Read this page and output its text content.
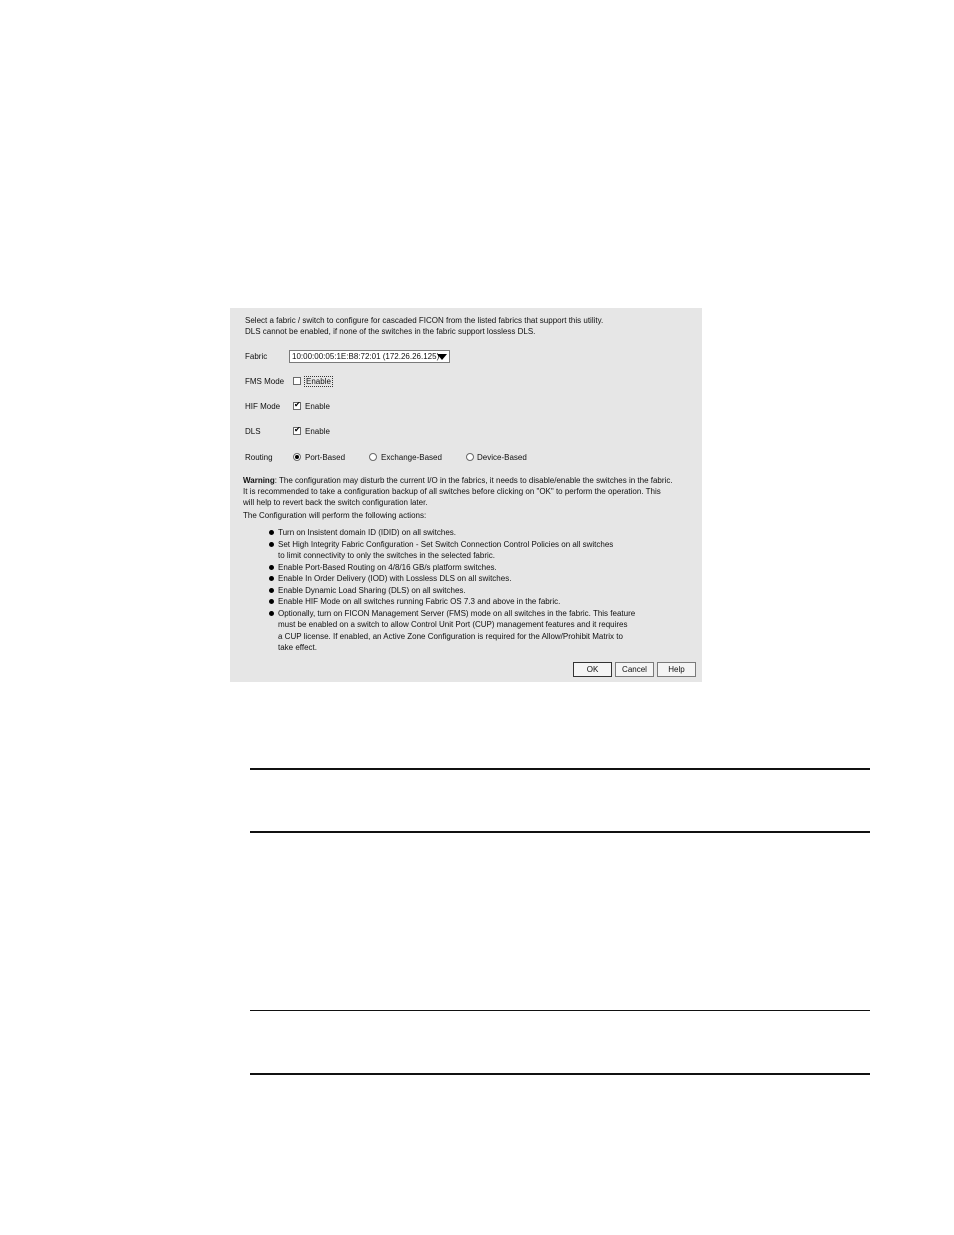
Select a fabric / switch to configure for cascaded FICON from the listed fabrics that support this utility.
DLS cannot be enabled, if none of the switches in the fabric support lossless DLS.
Fabric	10:00:00:05:1E:B8:72:01 (172.26.26.125)
FMS Mode	Enable
HIF Mode ✔ Enable
DLS	✔ Enable
Routing	Port-Based	Exchange-Based	Device-Based
Warning: The configuration may disturb the current I/O in the fabrics, it needs to disable/enable the switches in the fabric. It is recommended to take a configuration backup of all switches before clicking on "OK" to perform the operation. This will help to revert back the switch configuration later.
The Configuration will perform the following actions:
Turn on Insistent domain ID (IDID) on all switches.
Set High Integrity Fabric Configuration - Set Switch Connection Control Policies on all switches
to limit connectivity to only the switches in the selected fabric.
Enable Port-Based Routing on 4/8/16 GB/s platform switches.
Enable In Order Delivery (IOD) with Lossless DLS on all switches.
Enable Dynamic Load Sharing (DLS) on all switches.
Enable HIF Mode on all switches running Fabric OS 7.3 and above in the fabric.
Optionally, turn on FICON Management Server (FMS) mode on all switches in the fabric. This feature
must be enabled on a switch to allow Control Unit Port (CUP) management features and it requires
a CUP license. If enabled, an Active Zone Configuration is required for the Allow/Prohibit Matrix to
take effect.
OK	Cancel	Help
